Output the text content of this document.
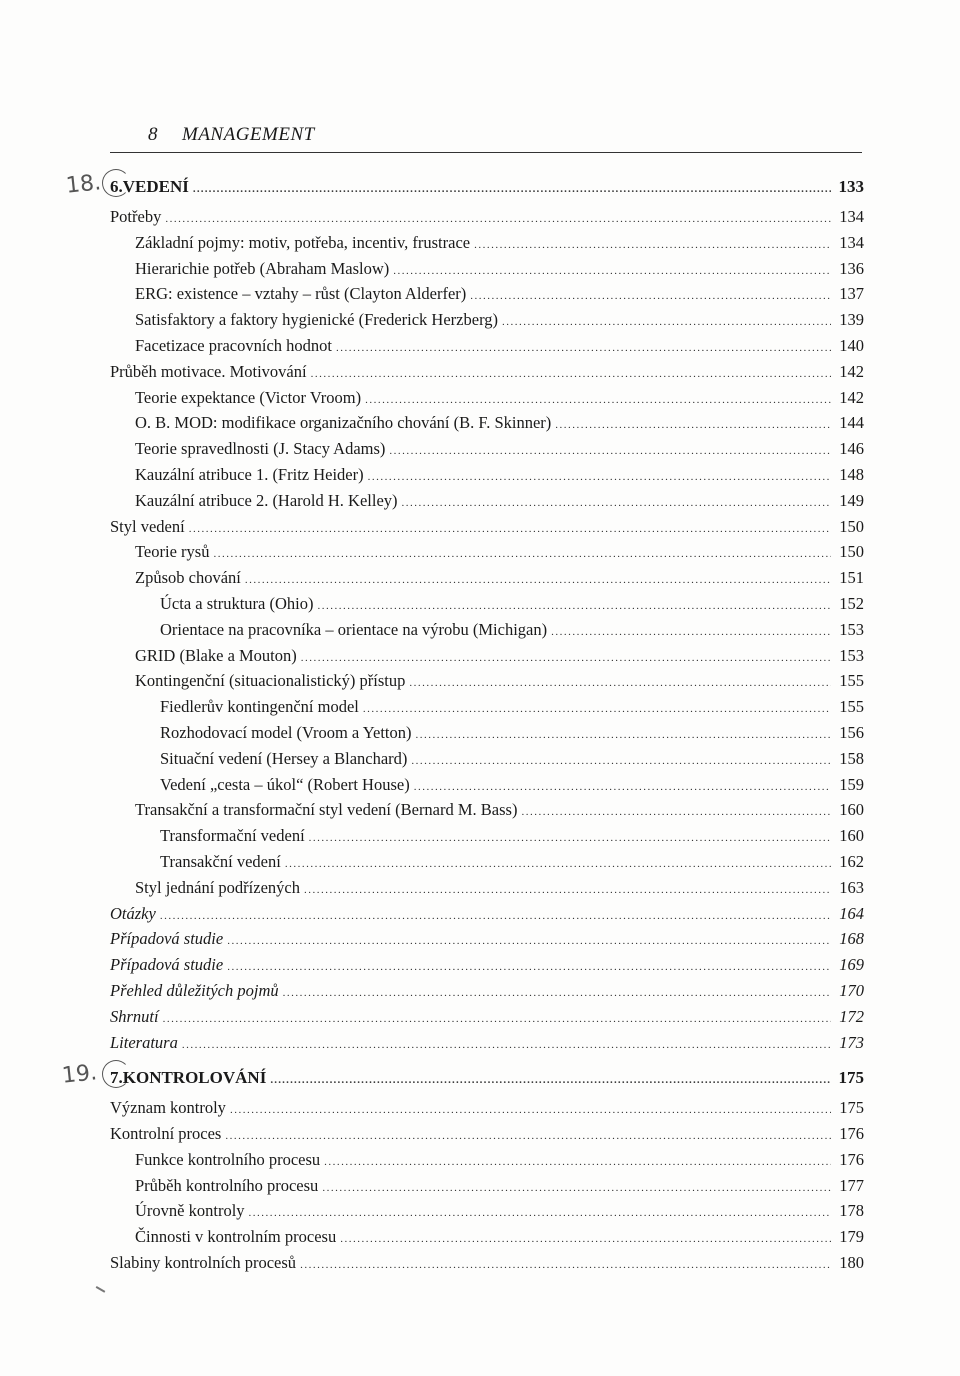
8 MANAGEMENT
18.
19.
6.VEDENÍ .....	133
Potřeby .....	134
Základní pojmy: motiv, potřeba, incentiv, frustrace .....	134
Hierarichie potřeb (Abraham Maslow) .....	136
ERG: existence – vztahy – růst (Clayton Alderfer) .....	137
Satisfaktory a faktory hygienické (Frederick Herzberg) .....	139
Facetizace pracovních hodnot .....	140
Průběh motivace. Motivování .....	142
Teorie expektance (Victor Vroom) .....	142
O. B. MOD: modifikace organizačního chování (B. F. Skinner) .....	144
Teorie spravedlnosti (J. Stacy Adams) .....	146
Kauzální atribuce 1. (Fritz Heider) .....	148
Kauzální atribuce 2. (Harold H. Kelley) .....	149
Styl vedení .....	150
Teorie rysů .....	150
Způsob chování .....	151
Úcta a struktura (Ohio) .....	152
Orientace na pracovníka – orientace na výrobu (Michigan) .....	153
GRID (Blake a Mouton) .....	153
Kontingenční (situacionalistický) přístup .....	155
Fiedlerův kontingenční model .....	155
Rozhodovací model (Vroom a Yetton) .....	156
Situační vedení (Hersey a Blanchard) .....	158
Vedení „cesta – úkol“ (Robert House) .....	159
Transakční a transformační styl vedení (Bernard M. Bass) .....	160
Transformační vedení .....	160
Transakční vedení .....	162
Styl jednání podřízených .....	163
Otázky .....	164
Případová studie .....	168
Případová studie .....	169
Přehled důležitých pojmů .....	170
Shrnutí .....	172
Literatura .....	173
7.KONTROLOVÁNÍ .....	175
Význam kontroly .....	175
Kontrolní proces .....	176
Funkce kontrolního procesu .....	176
Průběh kontrolního procesu .....	177
Úrovně kontroly .....	178
Činnosti v kontrolním procesu .....	179
Slabiny kontrolních procesů .....	180
